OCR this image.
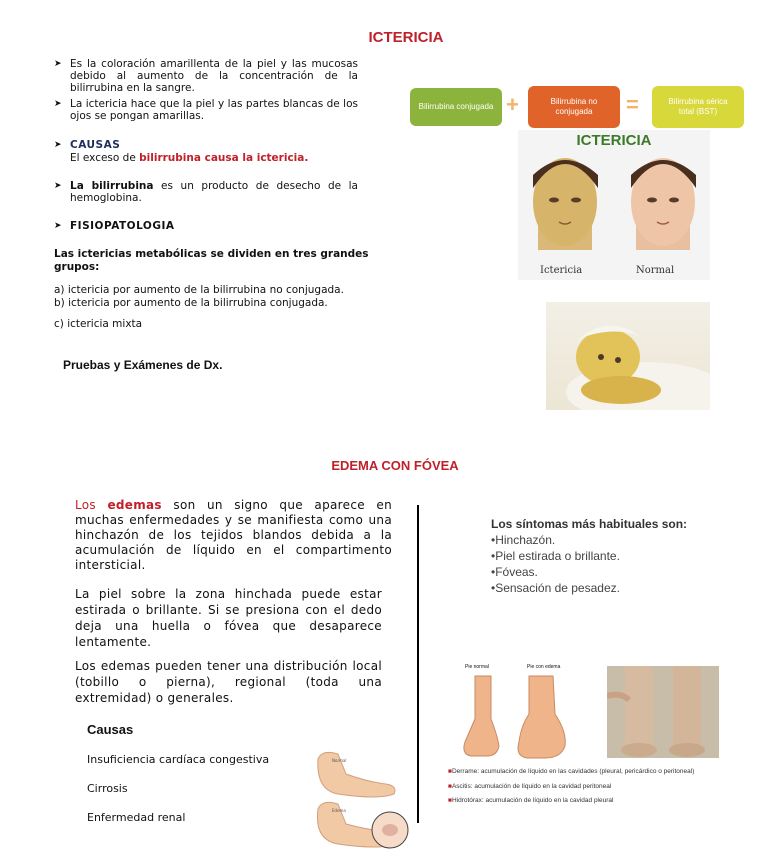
ICTERICIA
➤ Es la coloración amarillenta de la piel y las mucosas debido al aumento de la concentración de la bilirrubina en la sangre.
➤ La ictericia hace que la piel y las partes blancas de los ojos se pongan amarillas.
➤ CAUSAS
El exceso de bilirrubina causa la ictericia.
➤ La bilirrubina es un producto de desecho de la hemoglobina.
➤ FISIOPATOLOGIA
Las ictericias metabólicas se dividen en tres grandes grupos:
a) ictericia por aumento de la bilirrubina no conjugada.
b) ictericia por aumento de la bilirrubina conjugada.
c) ictericia mixta
Pruebas y Exámenes de Dx.
Bilirrubina conjugada +	Bilirrubina no conjugada	=	Bilirrubina sérica total (BST)
ICTERICIA
Ictericia	Normal
EDEMA CON FÓVEA

Los edemas son un signo que aparece en muchas enfermedades y se manifiesta como una hinchazón de los tejidos blandos debida a la acumulación de líquido en el compartimento intersticial.

La piel sobre la zona hinchada puede estar estirada o brillante. Si se presiona con el dedo deja una huella o fóvea que desaparece lentamente.
Los edemas pueden tener una distribución local (tobillo o pierna), regional (toda una extremidad) o generales.
Causas
Insuficiencia cardíaca congestiva
Cirrosis
Enfermedad renal
Normal
Edema
Los síntomas más habituales son:
•Hinchazón.
•Piel estirada o brillante.
•Fóveas.
•Sensación de pesadez.
Pie normal	Pie con edema
■Derrame: acumulación de líquido en las cavidades (pleural, pericárdico o peritoneal)
■Ascitis: acumulación de líquido en la cavidad peritoneal
■Hidrotórax: acumulación de líquido en la cavidad pleural
